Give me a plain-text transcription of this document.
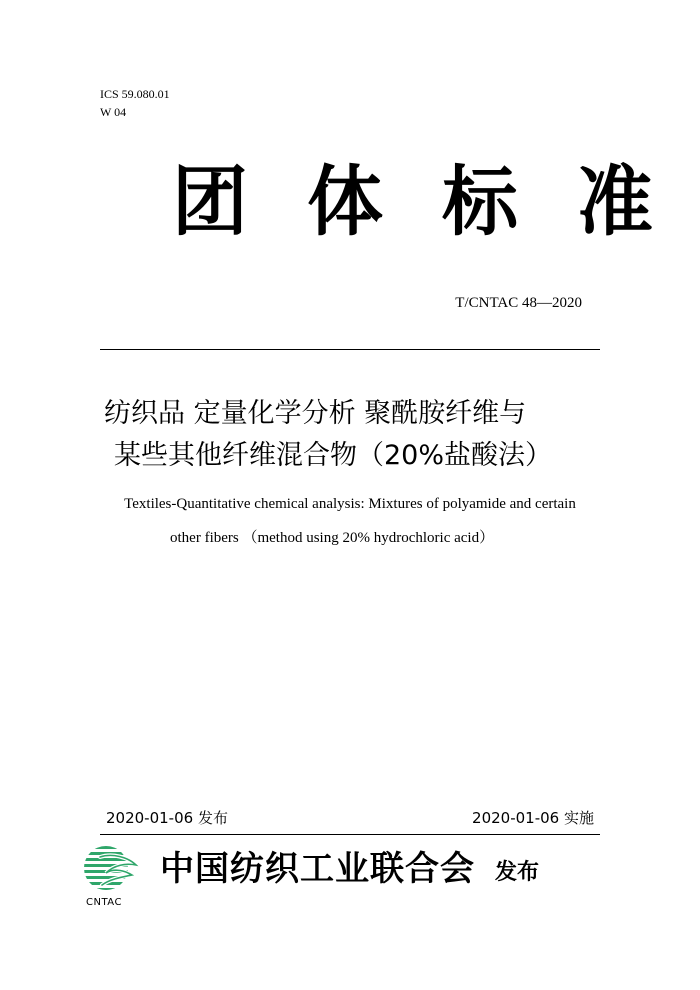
ICS 59.080.01
W 04
团 体 标 准
T/CNTAC 48—2020
纺织品 定量化学分析 聚酰胺纤维与
某些其他纤维混合物（20%盐酸法）
Textiles-Quantitative chemical analysis: Mixtures of polyamide and certain
other fibers （method using 20% hydrochloric acid）
2020-01-06 发布	2020-01-06 实施
CNTAC
中国纺织工业联合会 发布
